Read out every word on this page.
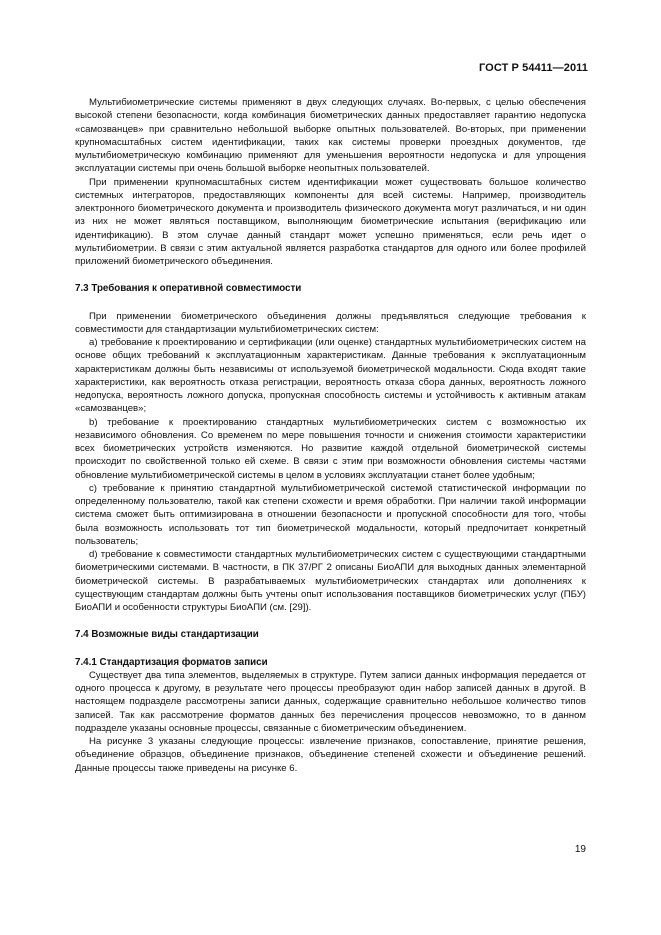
ГОСТ Р 54411—2011

Мультибиометрические системы применяют в двух следующих случаях. Во-первых, с целью обеспечения высокой степени безопасности, когда комбинация биометрических данных предоставляет гарантию недопуска «самозванцев» при сравнительно небольшой выборке опытных пользователей. Во-вторых, при применении крупномасштабных систем идентификации, таких как системы проверки проездных документов, где мультибиометрическую комбинацию применяют для уменьшения вероятности недопуска и для упрощения эксплуатации системы при очень большой выборке неопытных пользователей.

При применении крупномасштабных систем идентификации может существовать большое количество системных интеграторов, предоставляющих компоненты для всей системы. Например, производитель электронного биометрического документа и производитель физического документа могут различаться, и ни один из них не может являться поставщиком, выполняющим биометрические испытания (верификацию или идентификацию). В этом случае данный стандарт может успешно применяться, если речь идет о мультибиометрии. В связи с этим актуальной является разработка стандартов для одного или более профилей приложений биометрического объединения.

7.3 Требования к оперативной совместимости

При применении биометрического объединения должны предъявляться следующие требования к совместимости для стандартизации мультибиометрических систем:

a) требование к проектированию и сертификации (или оценке) стандартных мультибиометрических систем на основе общих требований к эксплуатационным характеристикам. Данные требования к эксплуатационным характеристикам должны быть независимы от используемой биометрической модальности. Сюда входят такие характеристики, как вероятность отказа регистрации, вероятность отказа сбора данных, вероятность ложного недопуска, вероятность ложного допуска, пропускная способность системы и устойчивость к активным атакам «самозванцев»;

b) требование к проектированию стандартных мультибиометрических систем с возможностью их независимого обновления. Со временем по мере повышения точности и снижения стоимости характеристики всех биометрических устройств изменяются. Но развитие каждой отдельной биометрической системы происходит по свойственной только ей схеме. В связи с этим при возможности обновления системы частями обновление мультибиометрической системы в целом в условиях эксплуатации станет более удобным;

c) требование к принятию стандартной мультибиометрической системой статистической информации по определенному пользователю, такой как степени схожести и время обработки. При наличии такой информации система сможет быть оптимизирована в отношении безопасности и пропускной способности для того, чтобы была возможность использовать тот тип биометрической модальности, который предпочитает конкретный пользователь;

d) требование к совместимости стандартных мультибиометрических систем с существующими стандартными биометрическими системами. В частности, в ПК 37/РГ 2 описаны БиоАПИ для выходных данных элементарной биометрической системы. В разрабатываемых мультибиометрических стандартах или дополнениях к существующим стандартам должны быть учтены опыт использования поставщиков биометрических услуг (ПБУ) БиоАПИ и особенности структуры БиоАПИ (см. [29]).

7.4 Возможные виды стандартизации
7.4.1 Стандартизация форматов записи

Существует два типа элементов, выделяемых в структуре. Путем записи данных информация передается от одного процесса к другому, в результате чего процессы преобразуют один набор записей данных в другой. В настоящем подразделе рассмотрены записи данных, содержащие сравнительно небольшое количество типов записей. Так как рассмотрение форматов данных без перечисления процессов невозможно, то в данном подразделе указаны основные процессы, связанные с биометрическим объединением.

На рисунке 3 указаны следующие процессы: извлечение признаков, сопоставление, принятие решения, объединение образцов, объединение признаков, объединение степеней схожести и объединение решений. Данные процессы также приведены на рисунке 6.

19
